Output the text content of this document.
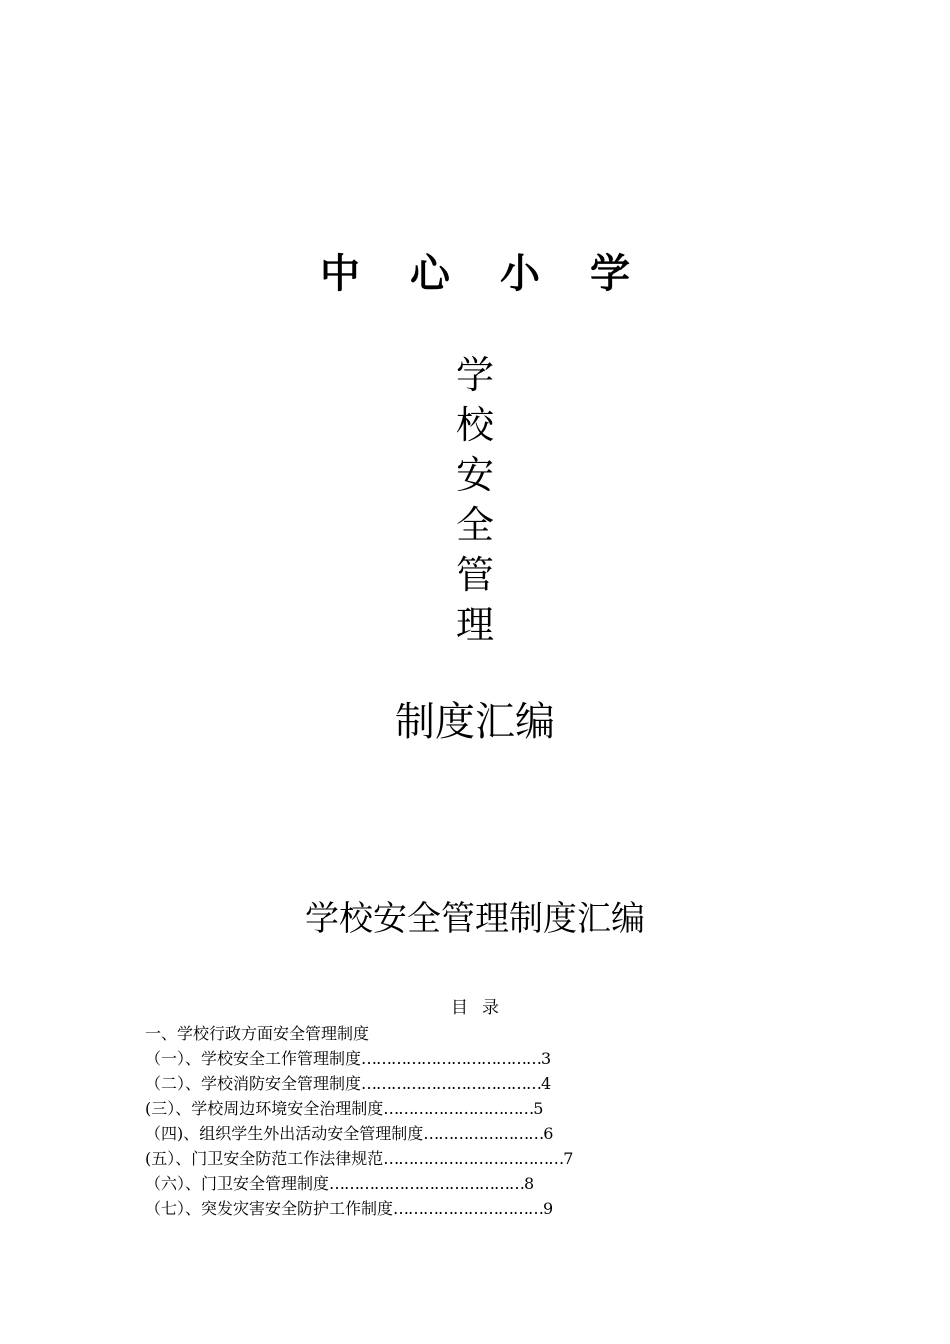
中心小学
学
校
安
全
管
理
制度汇编
学校安全管理制度汇编
目录
一、学校行政方面安全管理制度
（一）、学校安全工作管理制度………………………………3
（二）、学校消防安全管理制度………………………………4
(三）、学校周边环境安全治理制度…………………………5
（四)、组织学生外出活动安全管理制度……………………6
(五）、门卫安全防范工作法律规范………………………………7
（六）、门卫安全管理制度…………………………………8
（七）、突发灾害安全防护工作制度…………………………9
